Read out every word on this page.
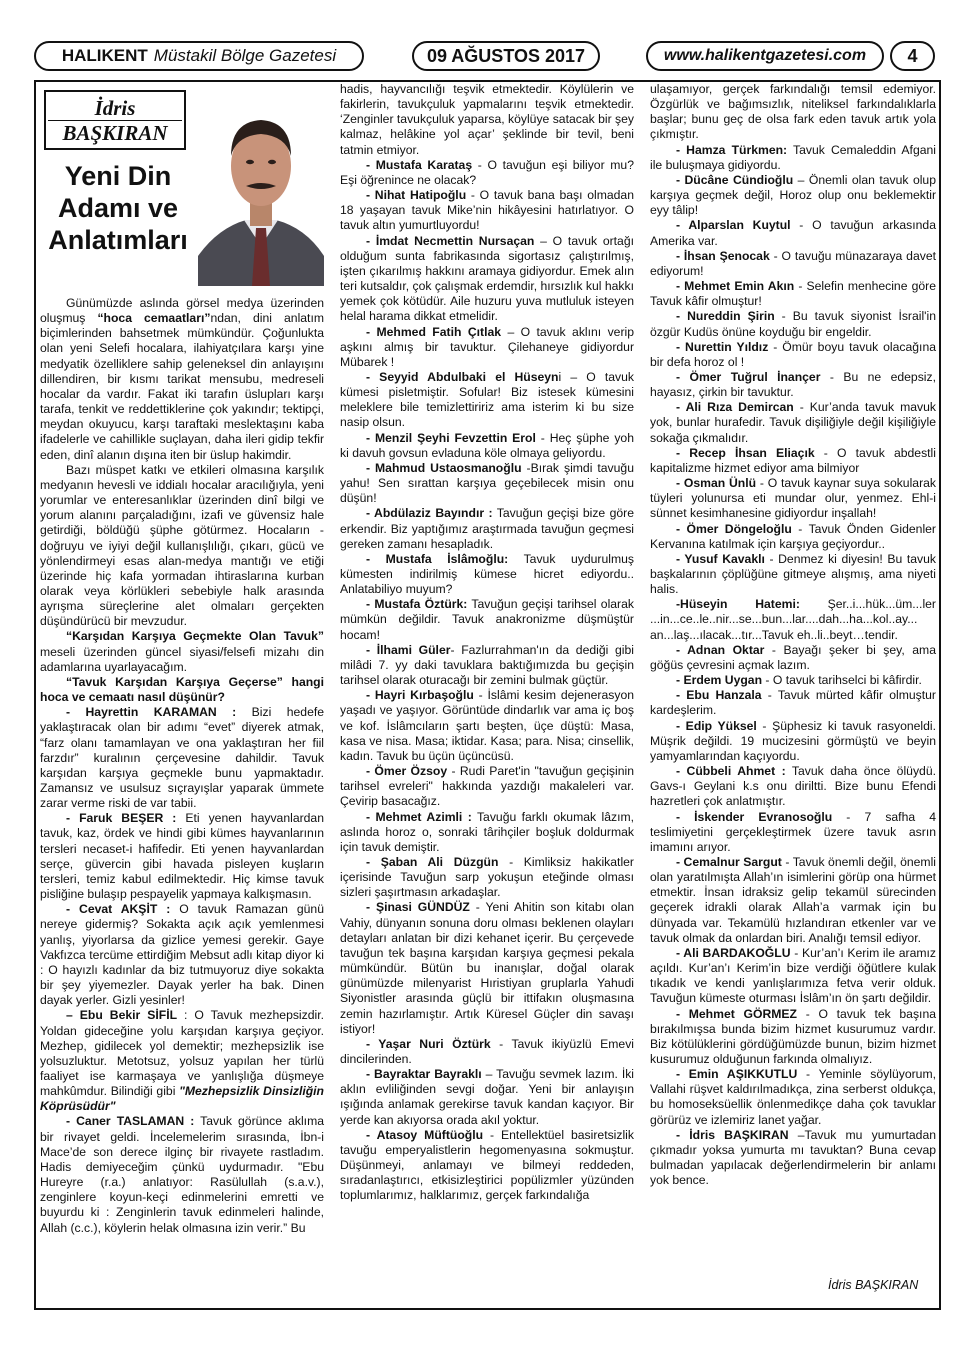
HALIKENT Müstakil Bölge Gazetesi	09 AĞUSTOS 2017	www.halikentgazetesi.com	4
İdris
BAŞKIRAN
Yeni Din Adamı ve Anlatımları

Günümüzde aslında görsel medya üzerinden oluşmuş “hoca cemaatları”ndan, dini anlatım biçimlerinden bahsetmek mümkündür. Çoğunlukta olan yeni Selefi hocalara, ilahiyatçılara karşı yine medyatik özelliklere sahip geleneksel din anlayışını dillendiren, bir kısmı tarikat mensubu, medreseli hocalar da vardır. Fakat iki tarafın üslupları karşı tarafa, tenkit ve reddettiklerine çok yakındır; tektipçi, meydan okuyucu, karşı taraftaki meslektaşını kaba ifadelerle ve cahillikle suçlayan, daha ileri gidip tekfir eden, dinî alanın dışına iten bir üslup hakimdir.

Bazı müspet katkı ve etkileri olmasına karşılık medyanın hevesli ve iddialı hocalar aracılığıyla, yeni yorumlar ve enteresanlıklar üzerinden dinî bilgi ve yorum alanını parçaladığını, izafi ve güvensiz hale getirdiği, böldüğü şüphe götürmez. Hocaların -doğruyu ve iyiyi değil kullanışlılığı, çıkarı, gücü ve yönlendirmeyi esas alan-medya mantığı ve etiği üzerinde hiç kafa yormadan ihtiraslarına kurban olarak veya körlükleri sebebiyle halk arasında ayrışma süreçlerine alet olmaları gerçekten düşündürücü bir mevzudur.

“Karşıdan Karşıya Geçmekte Olan Tavuk” meseli üzerinden güncel siyasi/felsefi mizahı din adamlarına uyarlayacağım.

“Tavuk Karşıdan Karşıya Geçerse” hangi hoca ve cemaatı nasıl düşünür?

- Hayrettin KARAMAN : Bizi hedefe yaklaştıracak olan bir adımı “evet” diyerek atmak, “farz olanı tamamlayan ve ona yaklaştıran her fiil farzdır” kuralının çerçevesine dahildir. Tavuk karşıdan karşıya geçmekle bunu yapmaktadır. Zamansız ve usulsuz sıçrayışlar yaparak ümmete zarar verme riski de var tabii.

- Faruk BEŞER : Eti yenen hayvanlardan tavuk, kaz, ördek ve hindi gibi kümes hayvanlarının tersleri necaset-i hafifedir. Eti yenen hayvanlardan serçe, güvercin gibi havada pisleyen kuşların tersleri, temiz kabul edilmektedir. Hiç kimse tavuk pisliğine bulaşıp pespayelik yapmaya kalkışmasın.

- Cevat AKŞİT : O tavuk Ramazan günü nereye gidermiş? Sokakta açık açık yemlenmesi yanlış, yiyorlarsa da gizlice yemesi gerekir. Gaye Vakfızca tercüme ettirdiğim Mebsut adlı kitap diyor ki : O hayızlı kadınlar da biz tutmuyoruz diye sokakta bir şey yiyemezler. Dayak yerler ha bak. Dinen dayak yerler. Gizli yesinler!

– Ebu Bekir SİFİL : O Tavuk mezhepsizdir. Yoldan gideceğine yolu karşıdan karşıya geçiyor. Mezhep, gidilecek yol demektir; mezhepsizlik ise yolsuzluktur. Metotsuz, yolsuz yapılan her türlü faaliyet ise karmaşaya ve yanlışlığa düşmeye mahkûmdur. Bilindiği gibi "Mezhepsizlik Dinsizliğin Köprüsüdür"

- Caner TASLAMAN : Tavuk görünce aklıma bir rivayet geldi. İncelemelerim sırasında, İbn-i Mace’de son derece ilginç bir rivayete rastladım. Hadis demiyeceğim çünkü uydurmadır. "Ebu Hureyre (r.a.) anlatıyor: Rasülullah (s.a.v.), zenginlere koyun-keçi edinmelerini emretti ve buyurdu ki : Zenginlerin tavuk edinmeleri halinde, Allah (c.c.), köylerin helak olmasına izin verir.” Bu

hadis, hayvancılığı teşvik etmektedir. Köylülerin ve fakirlerin, tavukçuluk yapmalarını teşvik etmektedir. ‘Zenginler tavukçuluk yaparsa, köylüye satacak bir şey kalmaz, helâkine yol açar’ şeklinde bir tevil, beni tatmin etmiyor.

- Mustafa Karataş - O tavuğun eşi biliyor mu? Eşi öğrenince ne olacak?

- Nihat Hatipoğlu - O tavuk bana başı olmadan 18 yaşayan tavuk Mike’nin hikâyesini hatırlatıyor. O tavuk altın yumurtluyordu!

- İmdat Necmettin Nursaçan – O tavuk ortağı olduğum sunta fabrikasında sigortasız çalıştırılmış, işten çıkarılmış hakkını aramaya gidiyordur. Emek alın teri kutsaldır, çok çalışmak erdemdir, hırsızlık kul hakkı yemek çok kötüdür. Aile huzuru yuva mutluluk isteyen helal harama dikkat etmelidir.

- Mehmed Fatih Çıtlak – O tavuk aklını verip aşkını almış bir tavuktur. Çilehaneye gidiyordur Mübarek !

- Seyyid Abdulbaki el Hüseyni – O tavuk kümesi pisletmiştir. Sofular! Biz istesek kümesini meleklere bile temizlettiririz ama isterim ki bu size nasip olsun.

- Menzil Şeyhi Fevzettin Erol - Heç şüphe yoh ki davuh govsun evladuna köle olmaya geliyordu.

- Mahmud Ustaosmanoğlu -Bırak şimdi tavuğu yahu! Sen sırattan karşıya geçebilecek misin onu düşün!

- Abdülaziz Bayındır : Tavuğun geçişi bize göre erkendir. Biz yaptığımız araştırmada tavuğun geçmesi gereken zamanı hesapladık.

- Mustafa İslâmoğlu: Tavuk uydurulmuş kümesten indirilmiş kümese hicret ediyordu.. Anlatabiliyo muyum?

- Mustafa Öztürk: Tavuğun geçişi tarihsel olarak mümkün değildir. Tavuk anakronizme düşmüştür hocam!

- İlhami Güler- Fazlurrahman'ın da dediği gibi milâdi 7. yy daki tavuklara baktığımızda bu geçişin tarihsel olarak oturacağı bir zemini bulmak güçtür.

- Hayri Kırbaşoğlu - İslâmi kesim dejenerasyon yaşadı ve yaşıyor. Görüntüde dindarlık var ama iç boş ve kof. İslâmcıların şartı beşten, üçe düştü: Masa, kasa ve nisa. Masa; iktidar. Kasa; para. Nisa; cinsellik, kadın. Tavuk bu üçün üçüncüsü.

- Ömer Özsoy - Rudi Paret'in "tavuğun geçişinin tarihsel evreleri" hakkında yazdığı makaleleri var. Çevirip basacağız.

- Mehmet Azimli : Tavuğu farklı okumak lâzım, aslında horoz o, sonraki târihçiler boşluk doldurmak için tavuk demiştir.

- Şaban Ali Düzgün - Kimliksiz hakikatler içerisinde Tavuğun sarp yokuşun eteğinde olması sizleri şaşırtmasın arkadaşlar.

- Şinasi GÜNDÜZ - Yeni Ahitin son kitabı olan Vahiy, dünyanın sonuna doru olması beklenen olayları detayları anlatan bir dizi kehanet içerir. Bu çerçevede tavuğun tek başına karşıdan karşıya geçmesi pekala mümkündür. Bütün bu inanışlar, doğal olarak günümüzde milenyarist Hıristiyan gruplarla Yahudi Siyonistler arasında güçlü bir ittifakın oluşmasına zemin hazırlamıştır. Artık Küresel Güçler din savaşı istiyor!

- Yaşar Nuri Öztürk - Tavuk ikiyüzlü Emevi dincilerinden.

- Bayraktar Bayraklı – Tavuğu sevmek lazım. İki aklın evliliğinden sevgi doğar. Yeni bir anlayışın ışığında anlamak gerekirse tavuk kandan kaçıyor. Bir yerde kan akıyorsa orada akıl yoktur.

- Atasoy Müftüoğlu - Entellektüel basiretsizlik tavuğu emperyalistlerin hegomenyasına sokmuştur. Düşünmeyi, anlamayı ve bilmeyi reddeden, sıradanlaştırıcı, etkisizleştirici popülizmler yüzünden toplumlarımız, halklarımız, gerçek farkındalığa

ulaşamıyor, gerçek farkındalığı temsil edemiyor. Özgürlük ve bağımsızlık, niteliksel farkındalıklarla başlar; bunu geç de olsa fark eden tavuk artık yola çıkmıştır.

- Hamza Türkmen: Tavuk Cemaleddin Afgani ile buluşmaya gidiyordu.

- Dücâne Cündioğlu – Önemli olan tavuk olup karşıya geçmek değil, Horoz olup onu beklemektir eyy tâlip!

- Alparslan Kuytul - O tavuğun arkasında Amerika var.

- İhsan Şenocak - O tavuğu münazaraya davet ediyorum!

- Mehmet Emin Akın - Selefin menhecine göre Tavuk kâfir olmuştur!

- Nureddin Şirin - Bu tavuk siyonist İsrail'in özgür Kudüs önüne koyduğu bir engeldir.

- Nurettin Yıldız - Ömür boyu tavuk olacağına bir defa horoz ol !

- Ömer Tuğrul İnançer - Bu ne edepsiz, hayasız, çirkin bir tavuktur.

- Ali Rıza Demircan - Kur’anda tavuk mavuk yok, bunlar hurafedir. Tavuk dişiliğiyle değil kişiliğiyle sokağa çıkmalıdır.

- Recep İhsan Eliaçık - O tavuk abdestli kapitalizme hizmet ediyor ama bilmiyor

- Osman Ünlü - O tavuk kaynar suya sokularak tüyleri yolunursa eti mundar olur, yenmez. Ehl-i sünnet kesimhanesine gidiyordur inşallah!

- Ömer Döngeloğlu - Tavuk Önden Gidenler Kervanına katılmak için karşıya geçiyordur..

- Yusuf Kavaklı - Denmez ki diyesin! Bu tavuk başkalarının çöplüğüne gitmeye alışmış, ama niyeti halis.

-Hüseyin Hatemi: Şer..i...hük...üm...ler ...in...ce..le..nir...se...bun...lar....dah...ha...kol..ay... an...laş...ılacak...tır...Tavuk eh..li..beyt…tendir.

- Adnan Oktar - Bayağı şeker bi şey, ama göğüs çevresini açmak lazım.

- Erdem Uygan - O tavuk tarihselci bi kâfirdir.

- Ebu Hanzala - Tavuk mürted kâfir olmuştur kardeşlerim.

- Edip Yüksel - Şüphesiz ki tavuk rasyoneldi. Müşrik değildi. 19 mucizesini görmüştü ve beyin yamyamlarından kaçıyordu.

- Cübbeli Ahmet : Tavuk daha önce ölüydü. Gavs-ı Geylani k.s onu diriltti. Bize bunu Efendi hazretleri çok anlatmıştır.

- İskender Evranosoğlu - 7 safha 4 teslimiyetini gerçekleştirmek üzere tavuk asrın imamını arıyor.

- Cemalnur Sargut - Tavuk önemli değil, önemli olan yaratılmışta Allah’ın isimlerini görüp ona hürmet etmektir. İnsan idraksiz gelip tekamül sürecinden geçerek idrakli olarak Allah’a varmak için bu dünyada var. Tekamülü hızlandıran etkenler var ve tavuk olmak da onlardan biri. Analığı temsil ediyor.

- Ali BARDAKOĞLU - Kur’an’ı Kerim ile aramız açıldı. Kur’an’ı Kerim’in bize verdiği öğütlere kulak tıkadık ve kendi yanlışlarımıza fetva verir olduk. Tavuğun kümeste oturması İslâm’ın ön şartı değildir.

- Mehmet GÖRMEZ - O tavuk tek başına bırakılmışsa bunda bizim hizmet kusurumuz vardır. Biz kötülüklerini gördüğümüzde bunun, bizim hizmet kusurumuz olduğunun farkında olmalıyız.

- Emin AŞIKKUTLU - Yeminle söylüyorum, Vallahi rüşvet kaldırılmadıkça, zina serberst oldukça, bu homoseksüellik önlenmedikçe daha çok tavuklar görürüz ve izlemiriz lanet yağar.

- İdris BAŞKIRAN –Tavuk mu yumurtadan çıkmadır yoksa yumurta mı tavuktan? Buna cevap bulmadan yapılacak değerlendirmelerin bir anlamı yok bence.

İdris BAŞKIRAN
